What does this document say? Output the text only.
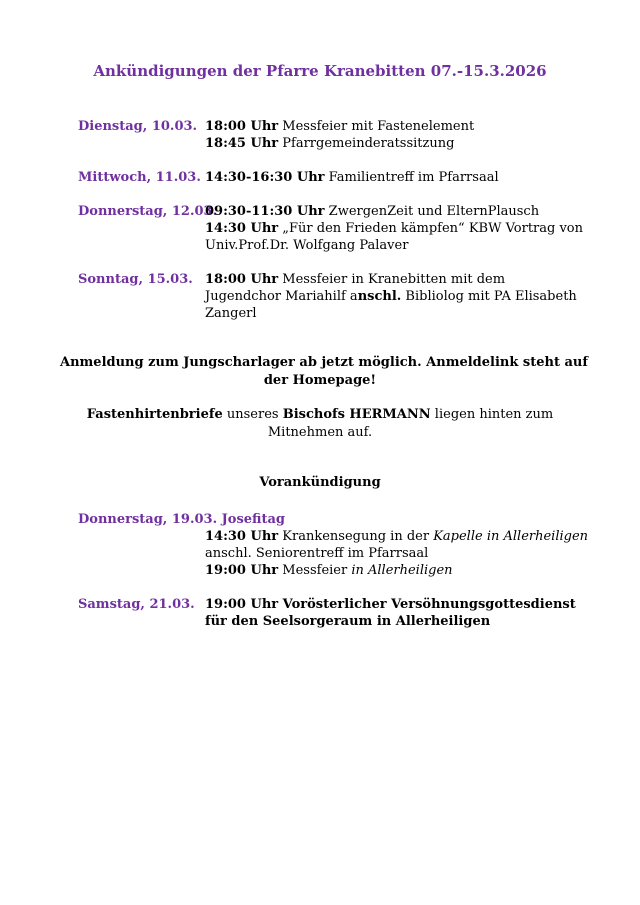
Ankündigungen der Pfarre Kranebitten 07.-15.3.2026
Dienstag, 10.03. 18:00 Uhr Messfeier mit Fastenelement
18:45 Uhr Pfarrgemeinderatssitzung
Mittwoch, 11.03. 14:30-16:30 Uhr Familientreff im Pfarrsaal
Donnerstag, 12.03.
09:30-11:30 Uhr ZwergenZeit und ElternPlausch
14:30 Uhr „Für den Frieden kämpfen“ KBW Vortrag von
Univ.Prof.Dr. Wolfgang Palaver
Sonntag, 15.03. 18:00 Uhr Messfeier in Kranebitten mit dem
Jugendchor Mariahilf anschl. Bibliolog mit PA Elisabeth
Zangerl
Anmeldung zum Jungscharlager ab jetzt möglich. Anmeldelink steht auf
der Homepage!
Fastenhirtenbriefe unseres Bischofs HERMANN liegen hinten zum
Mitnehmen auf.
Vorankündigung
Donnerstag, 19.03. Josefitag
14:30 Uhr Krankensegung in der Kapelle in Allerheiligen
anschl. Seniorentreff im Pfarrsaal
19:00 Uhr Messfeier in Allerheiligen
Samstag, 21.03. 19:00 Uhr Vorösterlicher Versöhnungsgottesdienst
für den Seelsorgeraum in Allerheiligen
